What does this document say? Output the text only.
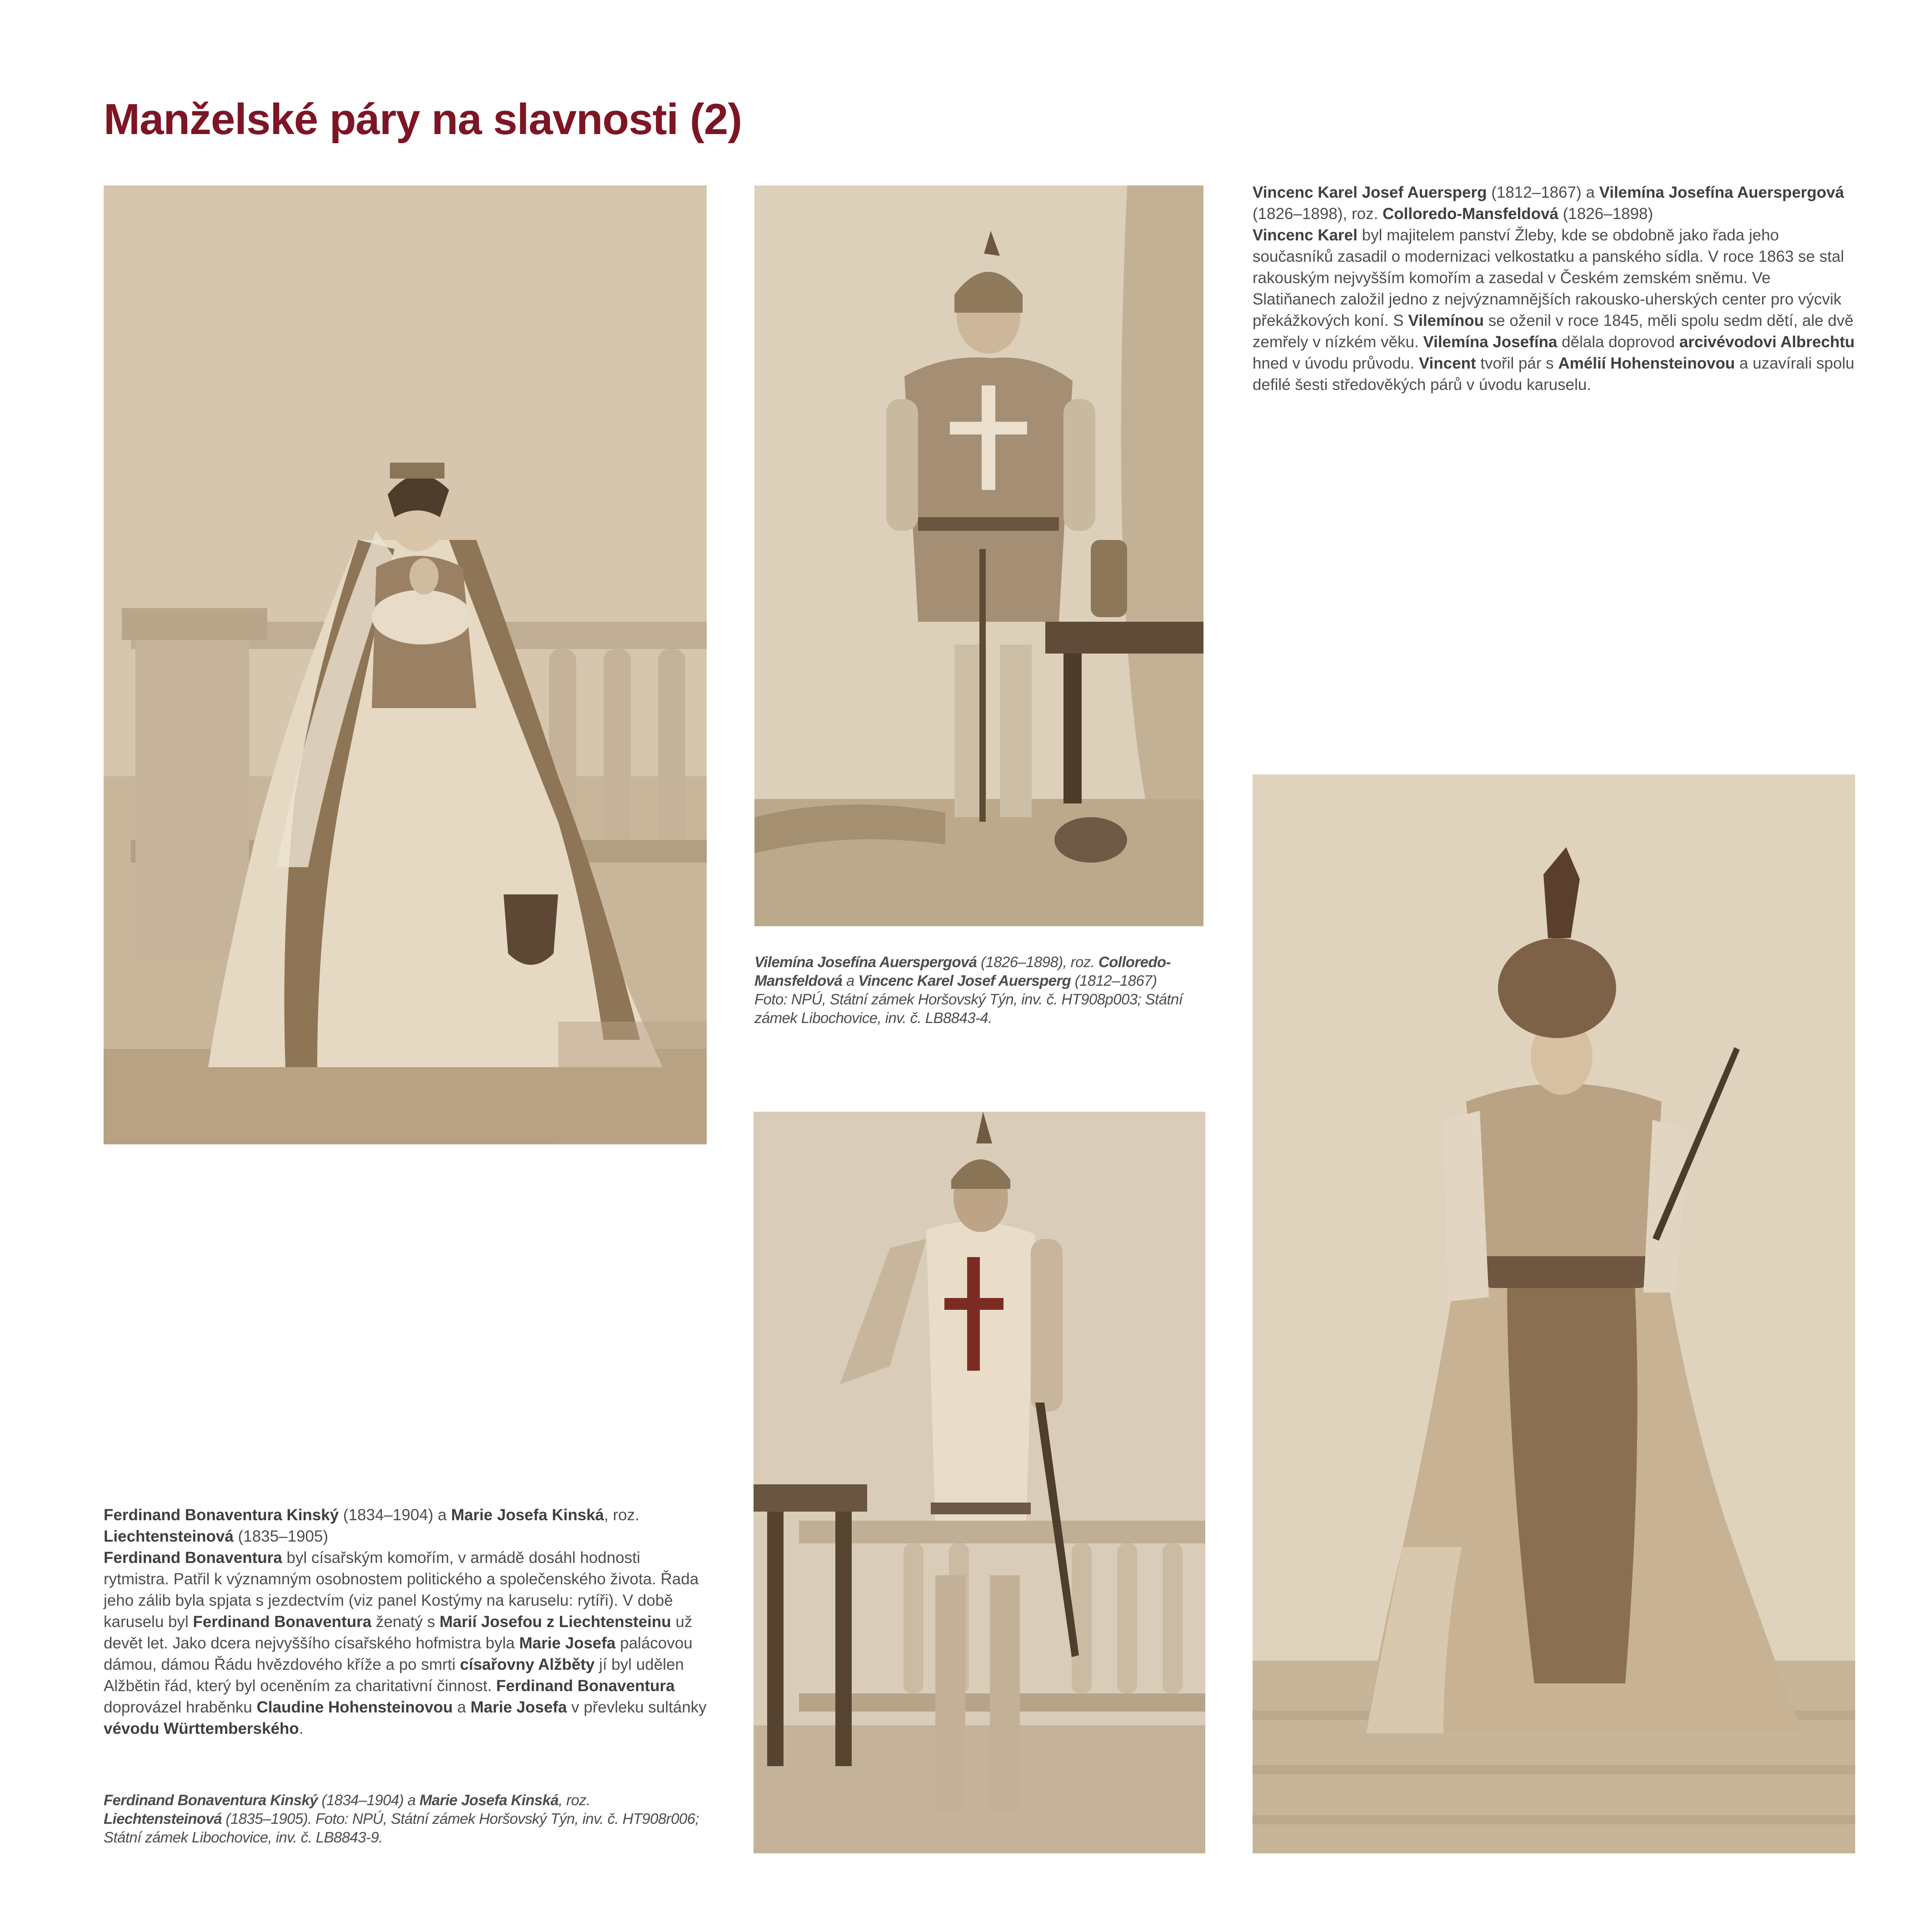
Manželské páry na slavnosti (2)

Vincenc Karel Josef Auersperg (1812–1867) a Vilemína Josefína Auerspergová (1826–1898), roz. Colloredo-Mansfeldová (1826–1898)

Vincenc Karel byl majitelem panství Žleby, kde se obdobně jako řada jeho současníků zasadil o modernizaci velkostatku a panského sídla. V roce 1863 se stal rakouským nejvyšším komořím a zasedal v Českém zemském sněmu. Ve Slatiňanech založil jedno z nejvýznamnějších rakousko-uherských center pro výcvik překážkových koní. S Vilemínou se oženil v roce 1845, měli spolu sedm dětí, ale dvě zemřely v nízkém věku. Vilemína Josefína dělala doprovod arcivévodovi Albrechtu hned v úvodu průvodu. Vincent tvořil pár s Amélií Hohensteinovou a uzavírali spolu defilé šesti středověkých párů v úvodu karuselu.

Vilemína Josefína Auerspergová (1826–1898), roz. Colloredo-Mansfeldová a Vincenc Karel Josef Auersperg (1812–1867)
Foto: NPÚ, Státní zámek Horšovský Týn, inv. č. HT908p003; Státní zámek Libochovice, inv. č. LB8843-4.

Ferdinand Bonaventura Kinský (1834–1904) a Marie Josefa Kinská, roz. Liechtensteinová (1835–1905)

Ferdinand Bonaventura byl císařským komořím, v armádě dosáhl hodnosti rytmistra. Patřil k významným osobnostem politického a společenského života. Řada jeho zálib byla spjata s jezdectvím (viz panel Kostýmy na karuselu: rytíři). V době karuselu byl Ferdinand Bonaventura ženatý s Marií Josefou z Liechtensteinu už devět let. Jako dcera nejvyššího císařského hofmistra byla Marie Josefa palácovou dámou, dámou Řádu hvězdového kříže a po smrti císařovny Alžběty jí byl udělen Alžbětin řád, který byl oceněním za charitativní činnost. Ferdinand Bonaventura doprovázel hraběnku Claudine Hohensteinovou a Marie Josefa v převleku sultánky vévodu Württemberského.

Ferdinand Bonaventura Kinský (1834–1904) a Marie Josefa Kinská, roz. Liechtensteinová (1835–1905). Foto: NPÚ, Státní zámek Horšovský Týn, inv. č. HT908r006; Státní zámek Libochovice, inv. č. LB8843-9.
